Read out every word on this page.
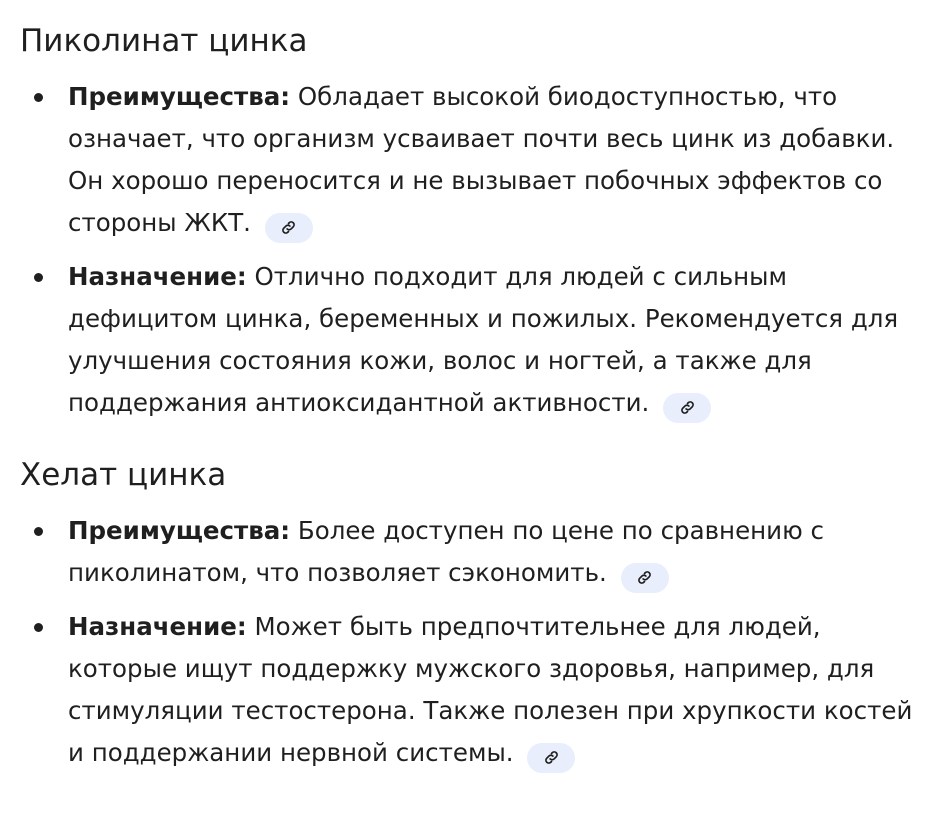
Пиколинат цинка
Преимущества: Обладает высокой биодоступностью, что означает, что организм усваивает почти весь цинк из добавки. Он хорошо переносится и не вызывает побочных эффектов со стороны ЖКТ.
Назначение: Отлично подходит для людей с сильным дефицитом цинка, беременных и пожилых. Рекомендуется для улучшения состояния кожи, волос и ногтей, а также для поддержания антиоксидантной активности.
Хелат цинка
Преимущества: Более доступен по цене по сравнению с пиколинатом, что позволяет сэкономить.
Назначение: Может быть предпочтительнее для людей, которые ищут поддержку мужского здоровья, например, для стимуляции тестостерона. Также полезен при хрупкости костей и поддержании нервной системы.
